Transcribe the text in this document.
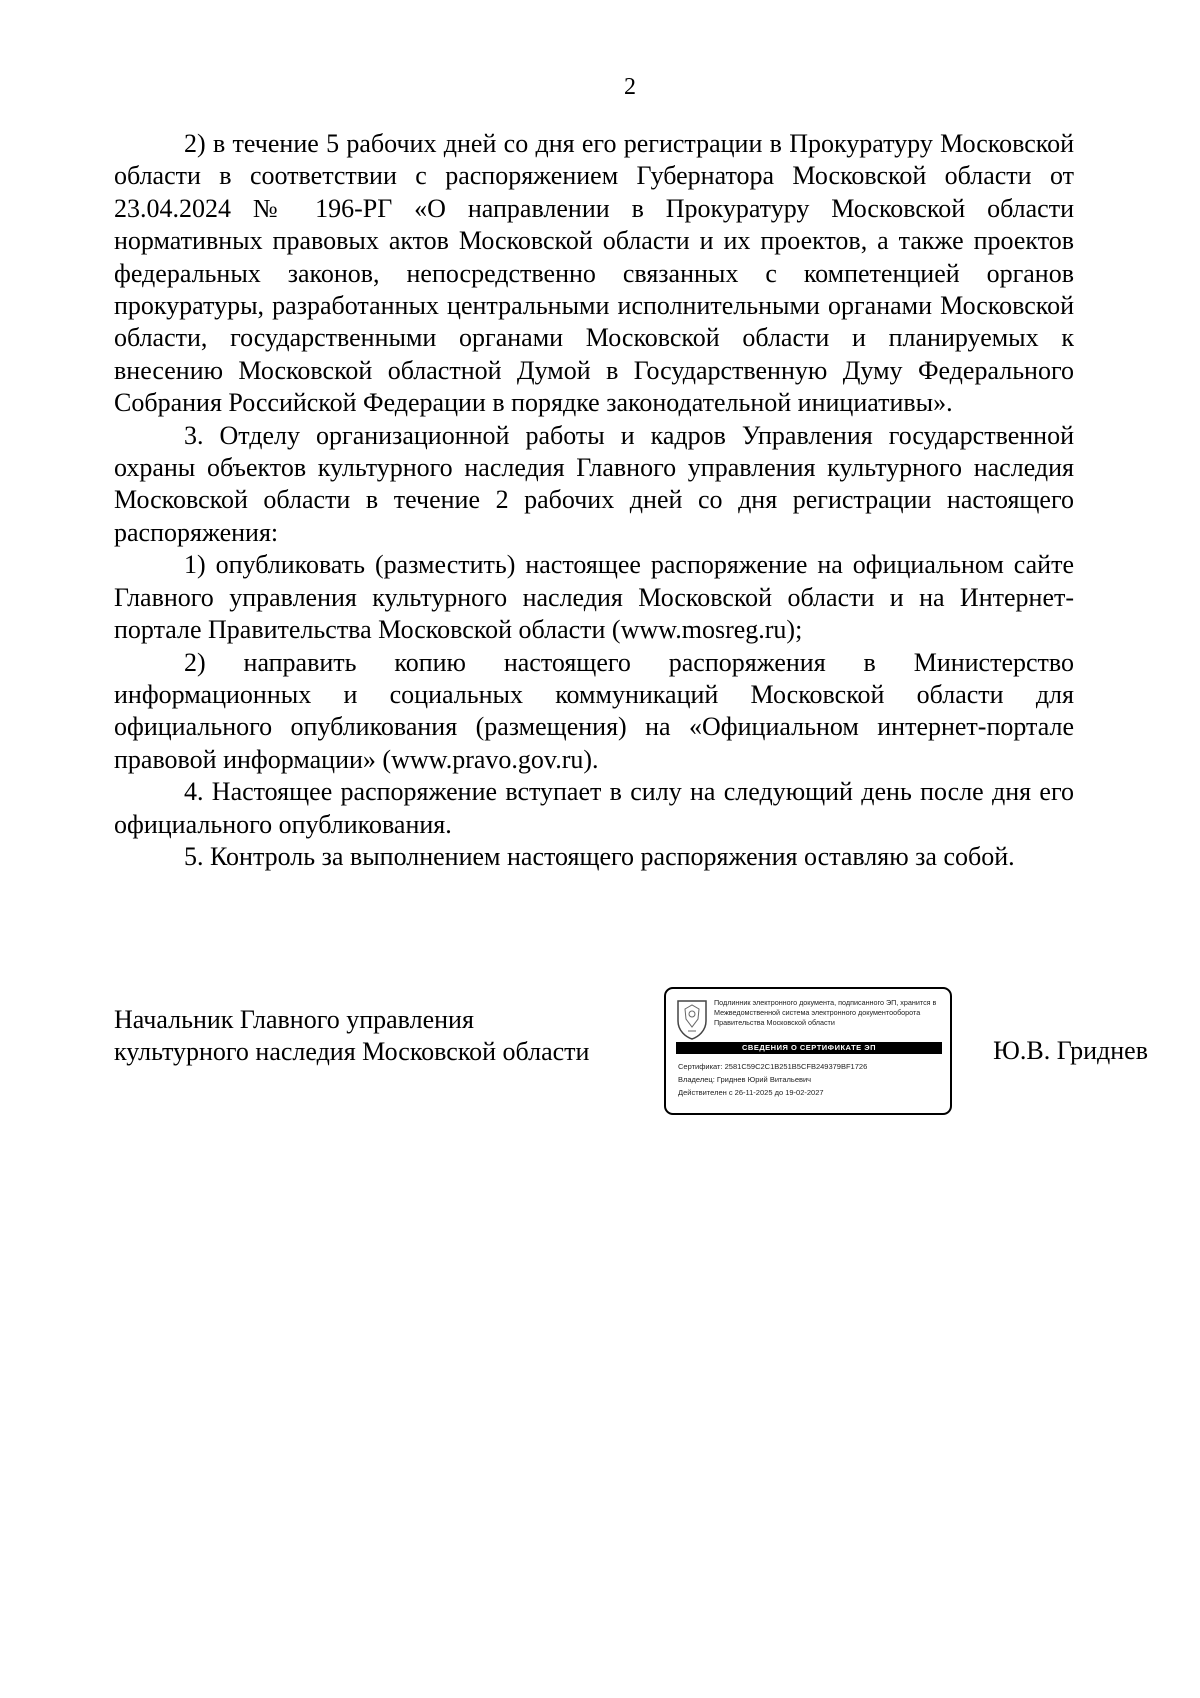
2

2) в течение 5 рабочих дней со дня его регистрации в Прокуратуру Московской области в соответствии с распоряжением Губернатора Московской области от 23.04.2024 № 196-РГ «О направлении в Прокуратуру Московской области нормативных правовых актов Московской области и их проектов, а также проектов федеральных законов, непосредственно связанных с компетенцией органов прокуратуры, разработанных центральными исполнительными органами Московской области, государственными органами Московской области и планируемых к внесению Московской областной Думой в Государственную Думу Федерального Собрания Российской Федерации в порядке законодательной инициативы».

3. Отделу организационной работы и кадров Управления государственной охраны объектов культурного наследия Главного управления культурного наследия Московской области в течение 2 рабочих дней со дня регистрации настоящего распоряжения:

1) опубликовать (разместить) настоящее распоряжение на официальном сайте Главного управления культурного наследия Московской области и на Интернет-портале Правительства Московской области (www.mosreg.ru);

2) направить копию настоящего распоряжения в Министерство информационных и социальных коммуникаций Московской области для официального опубликования (размещения) на «Официальном интернет-портале правовой информации» (www.pravo.gov.ru).

4. Настоящее распоряжение вступает в силу на следующий день после дня его официального опубликования.

5. Контроль за выполнением настоящего распоряжения оставляю за собой.

Начальник Главного управления
культурного наследия Московской области
Подлинник электронного документа, подписанного ЭП, хранится в Межведомственной система электронного документооборота Правительства Московской области
СВЕДЕНИЯ О СЕРТИФИКАТЕ ЭП
Сертификат: 2581C59C2C1B251B5CFB249379BF1726
Владелец: Гриднев Юрий Витальевич
Действителен с 26-11-2025 до 19-02-2027
Ю.В. Гриднев
